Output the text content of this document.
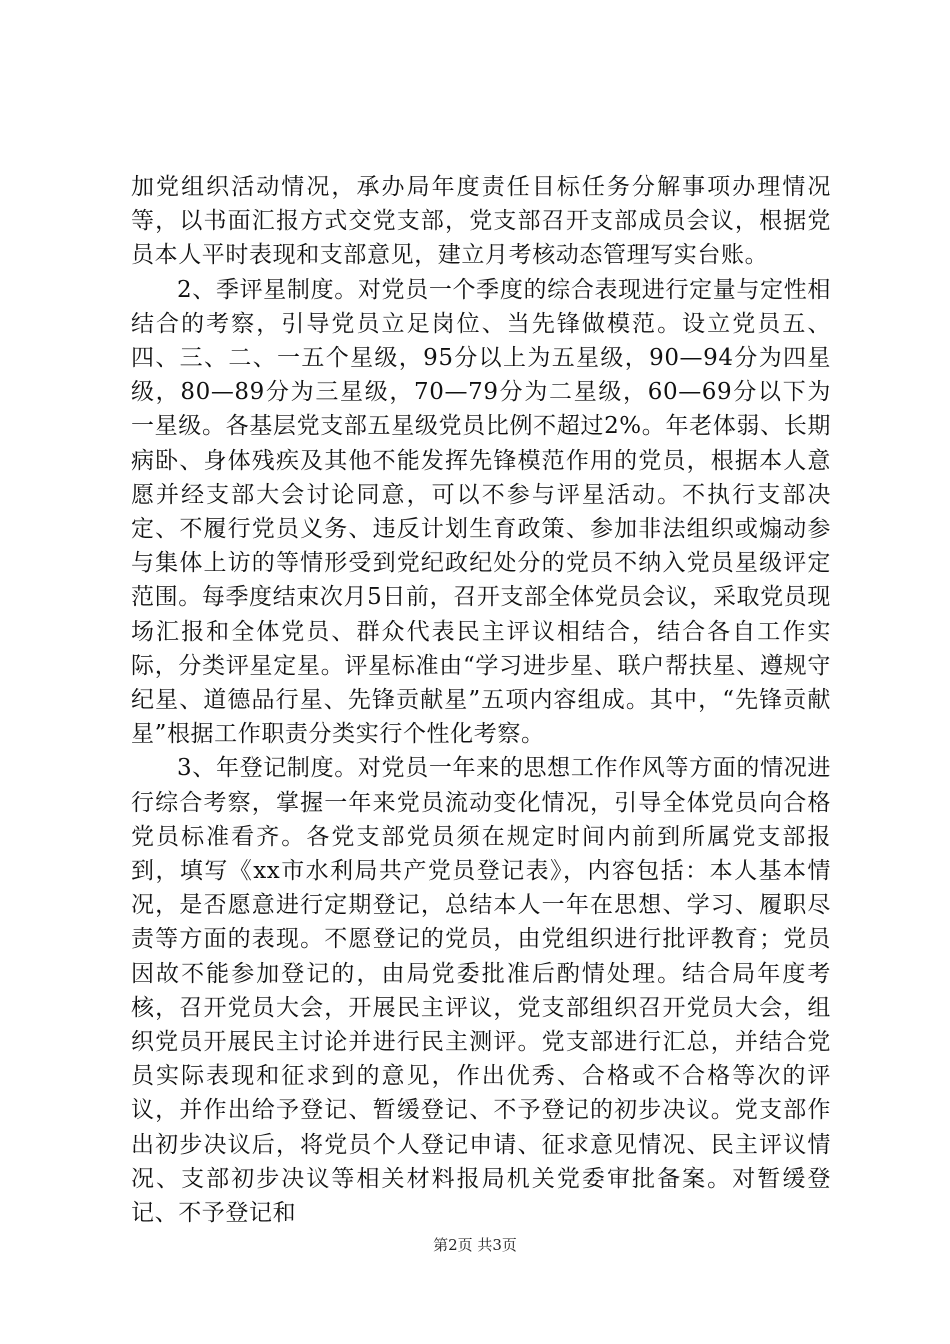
加党组织活动情况，承办局年度责任目标任务分解事项办理情况等，以书面汇报方式交党支部，党支部召开支部成员会议，根据党员本人平时表现和支部意见，建立月考核动态管理写实台账。

2、季评星制度。对党员一个季度的综合表现进行定量与定性相结合的考察，引导党员立足岗位、当先锋做模范。设立党员五、四、三、二、一五个星级，95分以上为五星级，90—94分为四星级，80—89分为三星级，70—79分为二星级，60—69分以下为一星级。各基层党支部五星级党员比例不超过2%。年老体弱、长期病卧、身体残疾及其他不能发挥先锋模范作用的党员，根据本人意愿并经支部大会讨论同意，可以不参与评星活动。不执行支部决定、不履行党员义务、违反计划生育政策、参加非法组织或煽动参与集体上访的等情形受到党纪政纪处分的党员不纳入党员星级评定范围。每季度结束次月5日前，召开支部全体党员会议，采取党员现场汇报和全体党员、群众代表民主评议相结合，结合各自工作实际，分类评星定星。评星标准由“学习进步星、联户帮扶星、遵规守纪星、道德品行星、先锋贡献星”五项内容组成。其中，“先锋贡献星”根据工作职责分类实行个性化考察。

3、年登记制度。对党员一年来的思想工作作风等方面的情况进行综合考察，掌握一年来党员流动变化情况，引导全体党员向合格党员标准看齐。各党支部党员须在规定时间内前到所属党支部报到，填写《xx市水利局共产党员登记表》，内容包括：本人基本情况，是否愿意进行定期登记，总结本人一年在思想、学习、履职尽责等方面的表现。不愿登记的党员，由党组织进行批评教育；党员因故不能参加登记的，由局党委批准后酌情处理。结合局年度考核，召开党员大会，开展民主评议，党支部组织召开党员大会，组织党员开展民主讨论并进行民主测评。党支部进行汇总，并结合党员实际表现和征求到的意见，作出优秀、合格或不合格等次的评议，并作出给予登记、暂缓登记、不予登记的初步决议。党支部作出初步决议后，将党员个人登记申请、征求意见情况、民主评议情况、支部初步决议等相关材料报局机关党委审批备案。对暂缓登记、不予登记和

第2页 共3页
